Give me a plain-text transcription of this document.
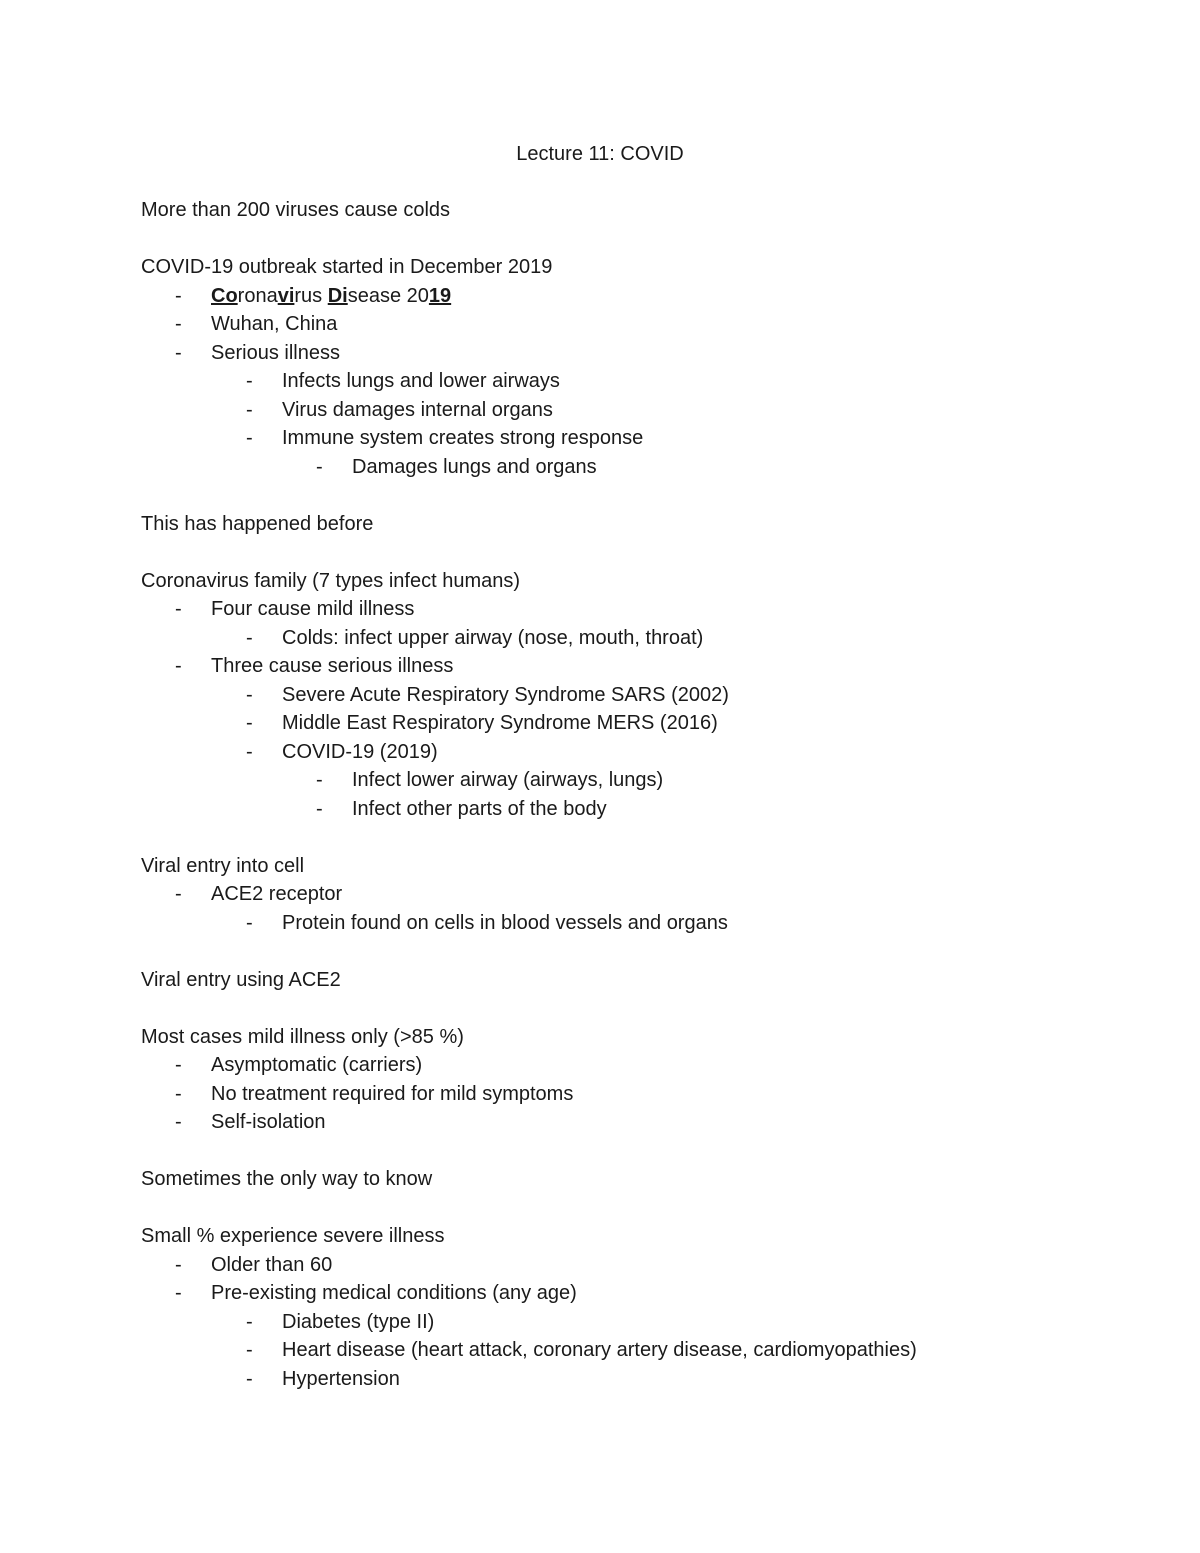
Lecture 11: COVID
More than 200 viruses cause colds
COVID-19 outbreak started in December 2019
- Coronavirus Disease 2019
- Wuhan, China
- Serious illness
- Infects lungs and lower airways
- Virus damages internal organs
- Immune system creates strong response
- Damages lungs and organs
This has happened before
Coronavirus family (7 types infect humans)
- Four cause mild illness
- Colds: infect upper airway (nose, mouth, throat)
- Three cause serious illness
- Severe Acute Respiratory Syndrome SARS (2002)
- Middle East Respiratory Syndrome MERS (2016)
- COVID-19 (2019)
- Infect lower airway (airways, lungs)
- Infect other parts of the body
Viral entry into cell
- ACE2 receptor
- Protein found on cells in blood vessels and organs
Viral entry using ACE2
Most cases mild illness only (>85 %)
- Asymptomatic (carriers)
- No treatment required for mild symptoms
- Self-isolation
Sometimes the only way to know
Small % experience severe illness
- Older than 60
- Pre-existing medical conditions (any age)
- Diabetes (type II)
- Heart disease (heart attack, coronary artery disease, cardiomyopathies)
- Hypertension
